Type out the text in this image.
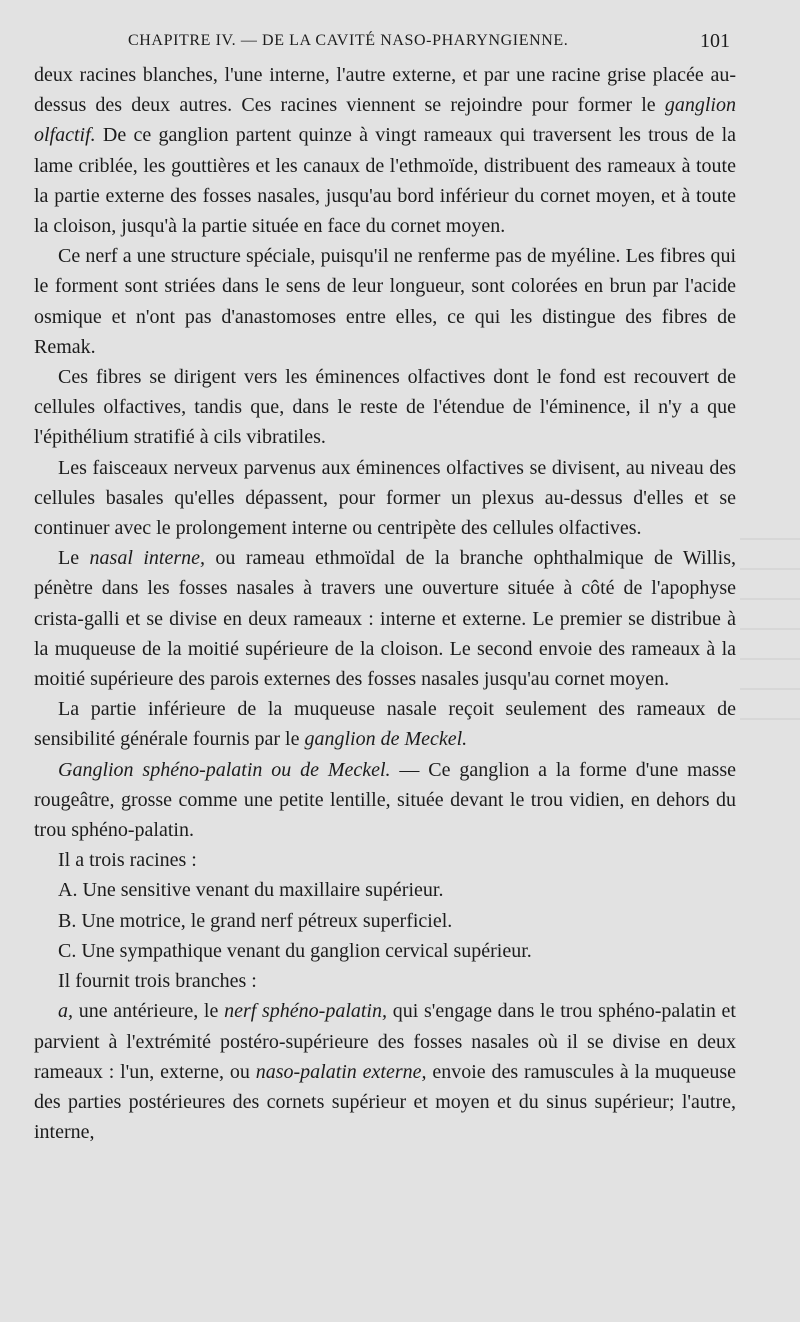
CHAPITRE IV. — DE LA CAVITÉ NASO-PHARYNGIENNE.	101

deux racines blanches, l'une interne, l'autre externe, et par une racine grise placée au-dessus des deux autres. Ces racines viennent se rejoindre pour former le ganglion olfactif. De ce ganglion partent quinze à vingt rameaux qui traversent les trous de la lame criblée, les gouttières et les canaux de l'ethmoïde, distribuent des rameaux à toute la partie externe des fosses nasales, jusqu'au bord inférieur du cornet moyen, et à toute la cloison, jusqu'à la partie située en face du cornet moyen.

Ce nerf a une structure spéciale, puisqu'il ne renferme pas de myéline. Les fibres qui le forment sont striées dans le sens de leur longueur, sont colorées en brun par l'acide osmique et n'ont pas d'anastomoses entre elles, ce qui les distingue des fibres de Remak.

Ces fibres se dirigent vers les éminences olfactives dont le fond est recouvert de cellules olfactives, tandis que, dans le reste de l'étendue de l'éminence, il n'y a que l'épithélium stratifié à cils vibratiles.

Les faisceaux nerveux parvenus aux éminences olfactives se divisent, au niveau des cellules basales qu'elles dépassent, pour former un plexus au-dessus d'elles et se continuer avec le prolongement interne ou centripète des cellules olfactives.

Le nasal interne, ou rameau ethmoïdal de la branche ophthalmique de Willis, pénètre dans les fosses nasales à travers une ouverture située à côté de l'apophyse crista-galli et se divise en deux rameaux : interne et externe. Le premier se distribue à la muqueuse de la moitié supérieure de la cloison. Le second envoie des rameaux à la moitié supérieure des parois externes des fosses nasales jusqu'au cornet moyen.

La partie inférieure de la muqueuse nasale reçoit seulement des rameaux de sensibilité générale fournis par le ganglion de Meckel.

Ganglion sphéno-palatin ou de Meckel. — Ce ganglion a la forme d'une masse rougeâtre, grosse comme une petite lentille, située devant le trou vidien, en dehors du trou sphéno-palatin.

Il a trois racines :

A. Une sensitive venant du maxillaire supérieur.

B. Une motrice, le grand nerf pétreux superficiel.

C. Une sympathique venant du ganglion cervical supérieur.

Il fournit trois branches :

a, une antérieure, le nerf sphéno-palatin, qui s'engage dans le trou sphéno-palatin et parvient à l'extrémité postéro-supérieure des fosses nasales où il se divise en deux rameaux : l'un, externe, ou naso-palatin externe, envoie des ramuscules à la muqueuse des parties postérieures des cornets supérieur et moyen et du sinus supérieur; l'autre, interne,
